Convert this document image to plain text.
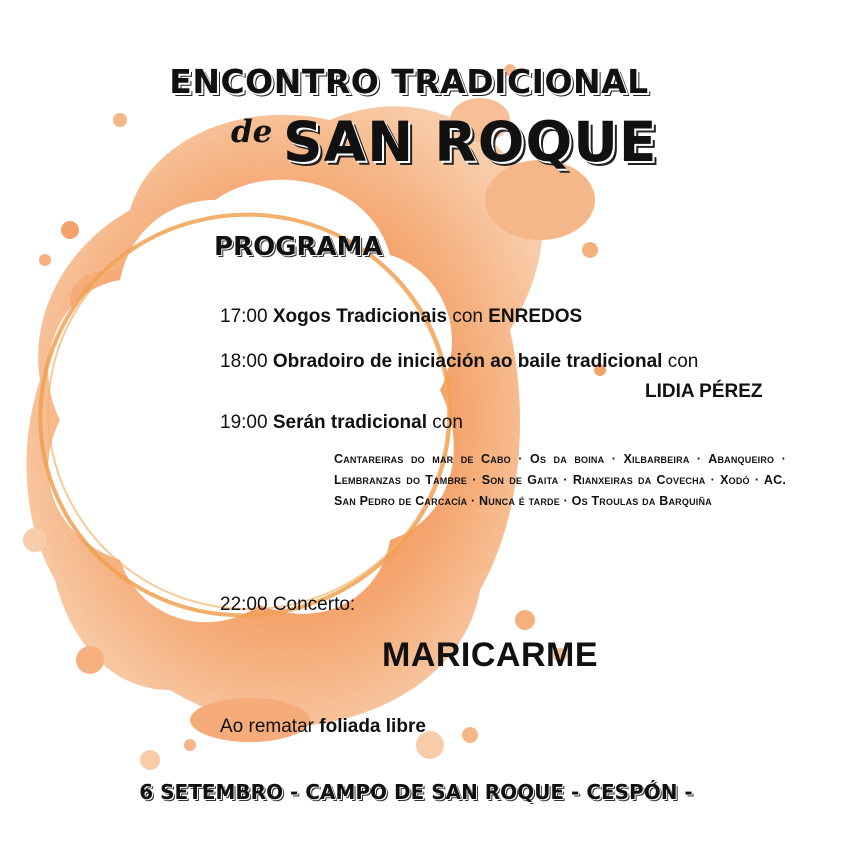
ENCONTRO TRADICIONAL
de SAN ROQUE
PROGRAMA
17:00 Xogos Tradicionais con ENREDOS
18:00 Obradoiro de iniciación ao baile tradicional con
LIDIA PÉREZ
19:00 Serán tradicional con
Cantareiras do mar de Cabo · Os da boina · Xilbarbeira · Abanqueiro · Lembranzas do Tambre · Son de Gaita · Rianxeiras da Covecha · Xodó · AC. San Pedro de Carcacía · Nunca é tarde · Os Troulas da Barquiña
22:00 Concerto:
MARICARME
Ao rematar foliada libre
6 SETEMBRO - CAMPO DE SAN ROQUE - CESPÓN -
